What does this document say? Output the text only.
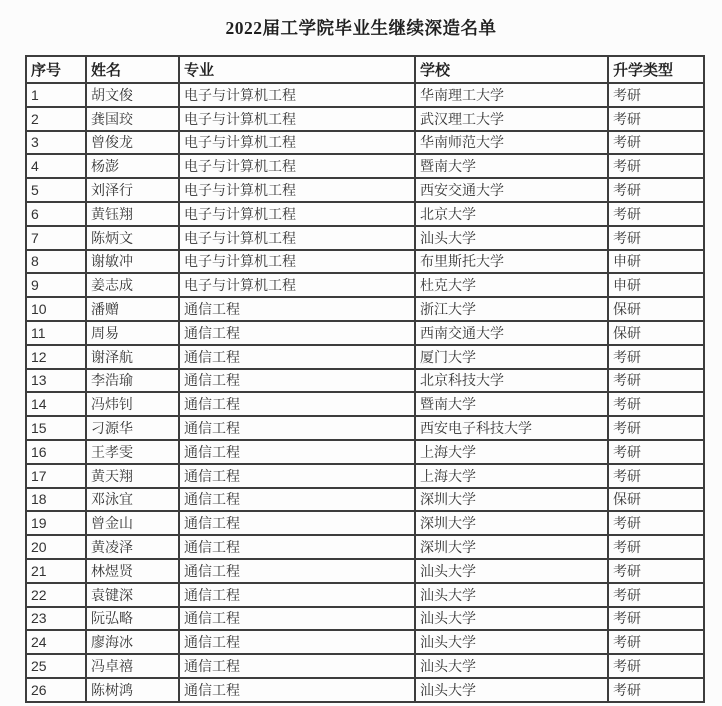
2022届工学院毕业生继续深造名单
序号	姓名	专业	学校	升学类型
1	胡文俊	电子与计算机工程	华南理工大学	考研
2	龚国珓	电子与计算机工程	武汉理工大学	考研
3	曾俊龙	电子与计算机工程	华南师范大学	考研
4	杨澎	电子与计算机工程	暨南大学	考研
5	刘泽行	电子与计算机工程	西安交通大学	考研
6	黄钰翔	电子与计算机工程	北京大学	考研
7	陈炳文	电子与计算机工程	汕头大学	考研
8	谢敏冲	电子与计算机工程	布里斯托大学	申研
9	姜志成	电子与计算机工程	杜克大学	申研
10	潘赠	通信工程	浙江大学	保研
11	周易	通信工程	西南交通大学	保研
12	谢泽航	通信工程	厦门大学	考研
13	李浩瑜	通信工程	北京科技大学	考研
14	冯炜钊	通信工程	暨南大学	考研
15	刁源华	通信工程	西安电子科技大学	考研
16	王孝雯	通信工程	上海大学	考研
17	黄天翔	通信工程	上海大学	考研
18	邓泳宜	通信工程	深圳大学	保研
19	曾金山	通信工程	深圳大学	考研
20	黄凌泽	通信工程	深圳大学	考研
21	林煜贤	通信工程	汕头大学	考研
22	袁键深	通信工程	汕头大学	考研
23	阮弘略	通信工程	汕头大学	考研
24	廖海冰	通信工程	汕头大学	考研
25	冯卓禧	通信工程	汕头大学	考研
26	陈树鸿	通信工程	汕头大学	考研
